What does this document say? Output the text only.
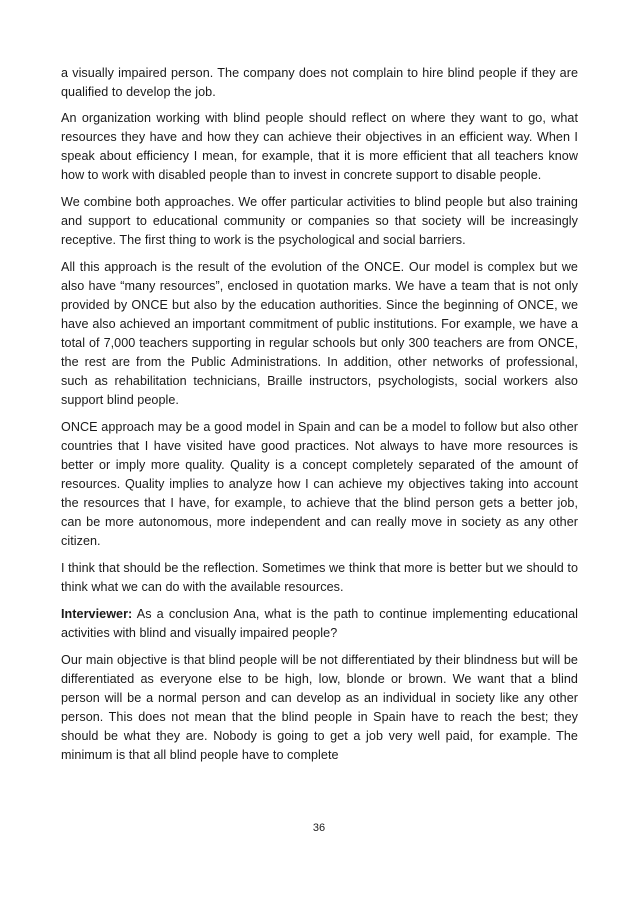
a visually impaired person. The company does not complain to hire blind people if they are qualified to develop the job.

An organization working with blind people should reflect on where they want to go, what resources they have and how they can achieve their objectives in an efficient way. When I speak about efficiency I mean, for example, that it is more efficient that all teachers know how to work with disabled people than to invest in concrete support to disable people.

We combine both approaches. We offer particular activities to blind people but also training and support to educational community or companies so that society will be increasingly receptive. The first thing to work is the psychological and social barriers.

All this approach is the result of the evolution of the ONCE. Our model is complex but we also have “many resources”, enclosed in quotation marks. We have a team that is not only provided by ONCE but also by the education authorities. Since the beginning of ONCE, we have also achieved an important commitment of public institutions. For example, we have a total of 7,000 teachers supporting in regular schools but only 300 teachers are from ONCE, the rest are from the Public Administrations. In addition, other networks of professional, such as rehabilitation technicians, Braille instructors, psychologists, social workers also support blind people.

ONCE approach may be a good model in Spain and can be a model to follow but also other countries that I have visited have good practices. Not always to have more resources is better or imply more quality. Quality is a concept completely separated of the amount of resources. Quality implies to analyze how I can achieve my objectives taking into account the resources that I have, for example, to achieve that the blind person gets a better job, can be more autonomous, more independent and can really move in society as any other citizen.

I think that should be the reflection. Sometimes we think that more is better but we should to think what we can do with the available resources.

Interviewer: As a conclusion Ana, what is the path to continue implementing educational activities with blind and visually impaired people?

Our main objective is that blind people will be not differentiated by their blindness but will be differentiated as everyone else to be high, low, blonde or brown. We want that a blind person will be a normal person and can develop as an individual in society like any other person. This does not mean that the blind people in Spain have to reach the best; they should be what they are. Nobody is going to get a job very well paid, for example. The minimum is that all blind people have to complete

36
